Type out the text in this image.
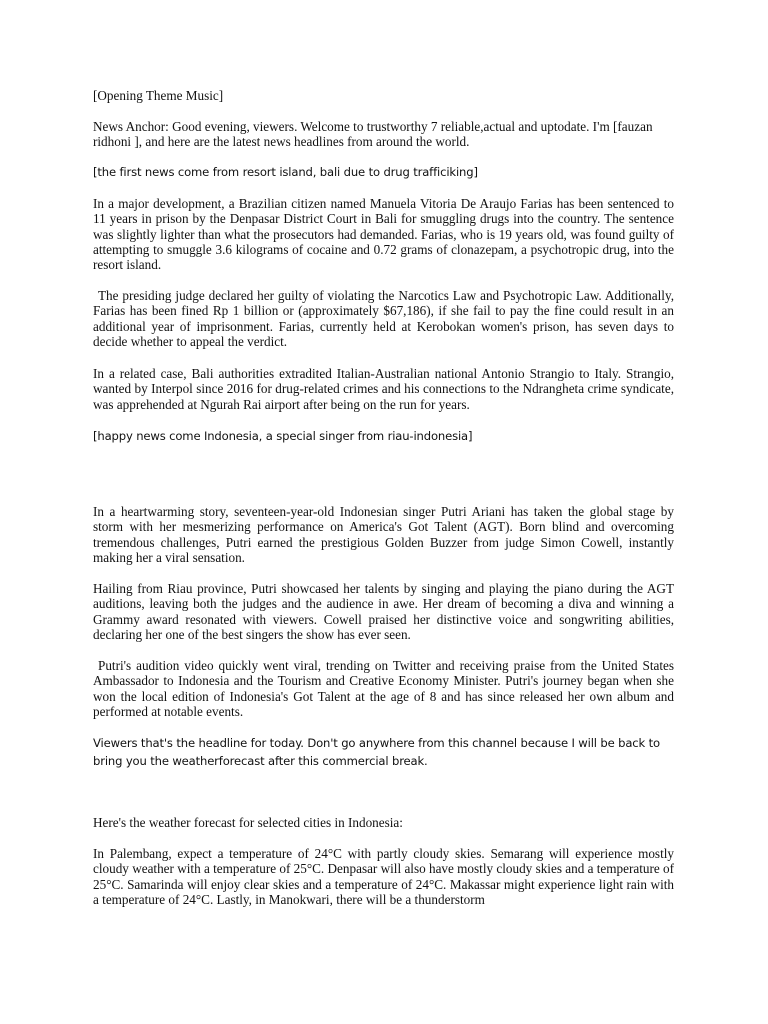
[Opening Theme Music]

News Anchor: Good evening, viewers. Welcome to trustworthy 7 reliable,actual and uptodate. I'm [fauzan ridhoni ], and here are the latest news headlines from around the world.

[the first news come from resort island, bali due to drug trafficiking]

In a major development, a Brazilian citizen named Manuela Vitoria De Araujo Farias has been sentenced to 11 years in prison by the Denpasar District Court in Bali for smuggling drugs into the country. The sentence was slightly lighter than what the prosecutors had demanded. Farias, who is 19 years old, was found guilty of attempting to smuggle 3.6 kilograms of cocaine and 0.72 grams of clonazepam, a psychotropic drug, into the resort island.

The presiding judge declared her guilty of violating the Narcotics Law and Psychotropic Law. Additionally, Farias has been fined Rp 1 billion or (approximately $67,186), if she fail to pay the fine could result in an additional year of imprisonment. Farias, currently held at Kerobokan women's prison, has seven days to decide whether to appeal the verdict.

In a related case, Bali authorities extradited Italian-Australian national Antonio Strangio to Italy. Strangio, wanted by Interpol since 2016 for drug-related crimes and his connections to the Ndrangheta crime syndicate, was apprehended at Ngurah Rai airport after being on the run for years.

[happy news come Indonesia, a special singer from riau-indonesia]

In a heartwarming story, seventeen-year-old Indonesian singer Putri Ariani has taken the global stage by storm with her mesmerizing performance on America's Got Talent (AGT). Born blind and overcoming tremendous challenges, Putri earned the prestigious Golden Buzzer from judge Simon Cowell, instantly making her a viral sensation.

Hailing from Riau province, Putri showcased her talents by singing and playing the piano during the AGT auditions, leaving both the judges and the audience in awe. Her dream of becoming a diva and winning a Grammy award resonated with viewers. Cowell praised her distinctive voice and songwriting abilities, declaring her one of the best singers the show has ever seen.

Putri's audition video quickly went viral, trending on Twitter and receiving praise from the United States Ambassador to Indonesia and the Tourism and Creative Economy Minister. Putri's journey began when she won the local edition of Indonesia's Got Talent at the age of 8 and has since released her own album and performed at notable events.

Viewers that's the headline for today. Don't go anywhere from this channel because I will be back to bring you the weatherforecast after this commercial break.

Here's the weather forecast for selected cities in Indonesia:

In Palembang, expect a temperature of 24°C with partly cloudy skies. Semarang will experience mostly cloudy weather with a temperature of 25°C. Denpasar will also have mostly cloudy skies and a temperature of 25°C. Samarinda will enjoy clear skies and a temperature of 24°C. Makassar might experience light rain with a temperature of 24°C. Lastly, in Manokwari, there will be a thunderstorm
